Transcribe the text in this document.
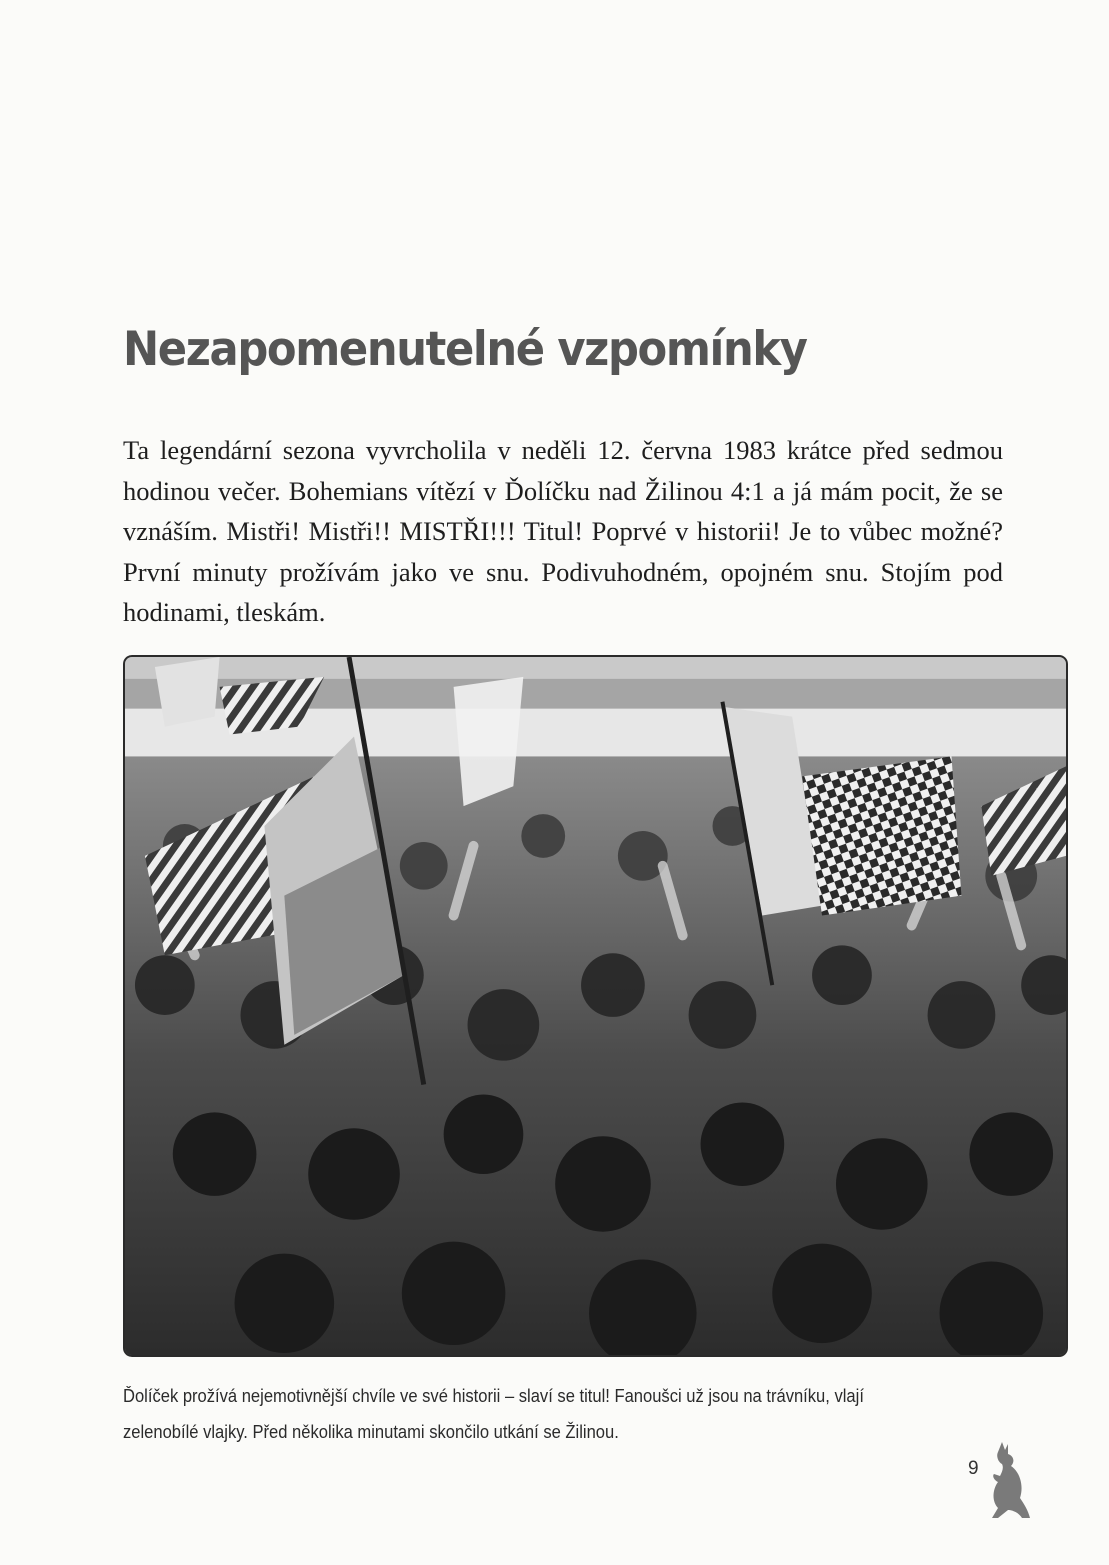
Nezapomenutelné vzpomínky

Ta legendární sezona vyvrcholila v neděli 12. června 1983 krátce před sedmou hodinou večer. Bohemians vítězí v Ďolíčku nad Žilinou 4:1 a já mám pocit, že se vznáším. Mistři! Mistři!! MISTŘI!!! Titul! Poprvé v historii! Je to vůbec možné? První minuty prožívám jako ve snu. Podivuhodném, opojném snu. Stojím pod hodinami, tleskám.

Ďolíček prožívá nejemotivnější chvíle ve své historii – slaví se titul! Fanoušci už jsou na trávníku, vlají zelenobílé vlajky. Před několika minutami skončilo utkání se Žilinou.

9
